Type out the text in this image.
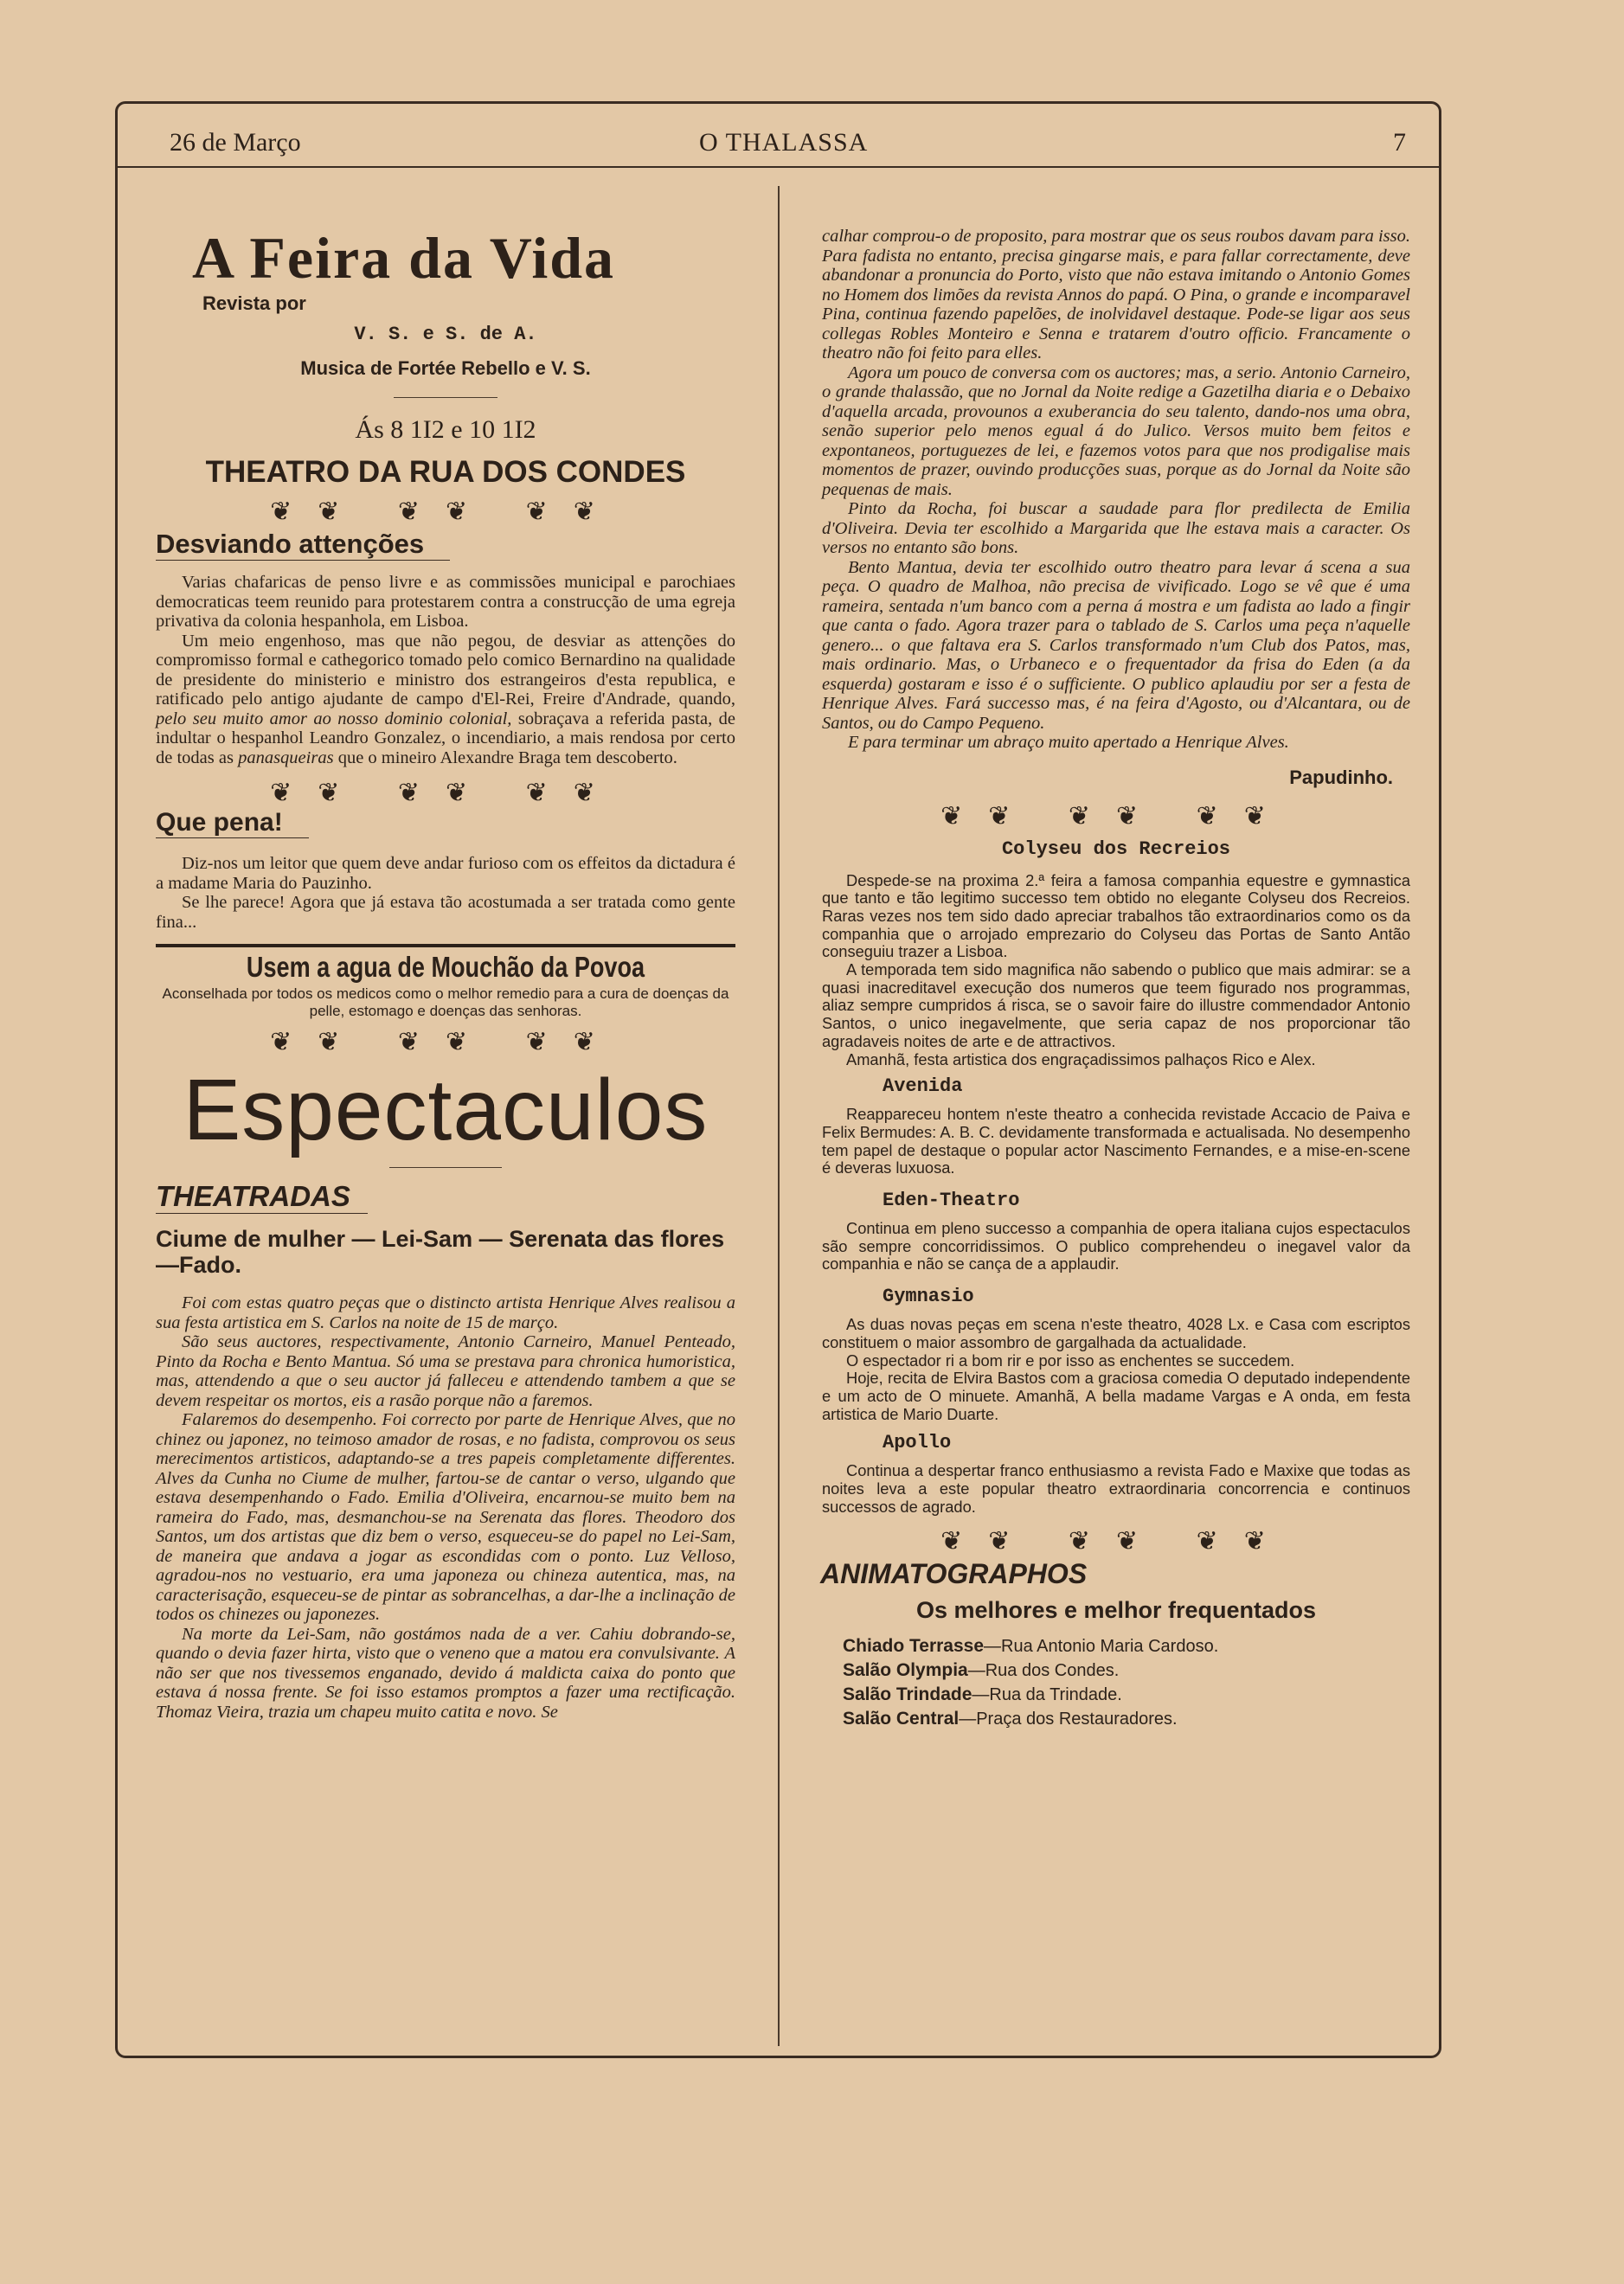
26 de Março	O THALASSA	7
A Feira da Vida
Revista por
V. S. e S. de A.
Musica de Fortée Rebello e V. S.
Ás 8 1I2 e 10 1I2
THEATRO DA RUA DOS CONDES
❦❦ ❦❦ ❦❦
Desviando attenções

Varias chafaricas de penso livre e as commissões municipal e parochiaes democraticas teem reunido para protestarem contra a construcção de uma egreja privativa da colonia hespanhola, em Lisboa.

Um meio engenhoso, mas que não pegou, de desviar as attenções do compromisso formal e cathegorico tomado pelo comico Bernardino na qualidade de presidente do ministerio e ministro dos estrangeiros d'esta republica, e ratificado pelo antigo ajudante de campo d'El-Rei, Freire d'Andrade, quando, pelo seu muito amor ao nosso dominio colonial, sobraçava a referida pasta, de indultar o hespanhol Leandro Gonzalez, o incendiario, a mais rendosa por certo de todas as panasqueiras que o mineiro Alexandre Braga tem descoberto.

❦❦ ❦❦ ❦❦
Que pena!

Diz-nos um leitor que quem deve andar furioso com os effeitos da dictadura é a madame Maria do Pauzinho.

Se lhe parece! Agora que já estava tão acostumada a ser tratada como gente fina...

Usem a agua de Mouchão da Povoa
Aconselhada por todos os medicos como o melhor remedio para a cura de doenças da pelle, estomago e doenças das senhoras.
❦❦ ❦❦ ❦❦
Espectaculos
THEATRADAS
Ciume de mulher — Lei-Sam — Serenata das flores —Fado.

Foi com estas quatro peças que o distincto artista Henrique Alves realisou a sua festa artistica em S. Carlos na noite de 15 de março.

São seus auctores, respectivamente, Antonio Carneiro, Manuel Penteado, Pinto da Rocha e Bento Mantua. Só uma se prestava para chronica humoristica, mas, attendendo a que o seu auctor já falleceu e attendendo tambem a que se devem respeitar os mortos, eis a rasão porque não a faremos.

Falaremos do desempenho. Foi correcto por parte de Henrique Alves, que no chinez ou japonez, no teimoso amador de rosas, e no fadista, comprovou os seus merecimentos artisticos, adaptando-se a tres papeis completamente differentes. Alves da Cunha no Ciume de mulher, fartou-se de cantar o verso, ulgando que estava desempenhando o Fado. Emilia d'Oliveira, encarnou-se muito bem na rameira do Fado, mas, desmanchou-se na Serenata das flores. Theodoro dos Santos, um dos artistas que diz bem o verso, esqueceu-se do papel no Lei-Sam, de maneira que andava a jogar as escondidas com o ponto. Luz Velloso, agradou-nos no vestuario, era uma japoneza ou chineza autentica, mas, na caracterisação, esqueceu-se de pintar as sobrancelhas, a dar-lhe a inclinação de todos os chinezes ou japonezes.

Na morte da Lei-Sam, não gostámos nada de a ver. Cahiu dobrando-se, quando o devia fazer hirta, visto que o veneno que a matou era convulsivante. A não ser que nos tivessemos enganado, devido á maldicta caixa do ponto que estava á nossa frente. Se foi isso estamos promptos a fazer uma rectificação. Thomaz Vieira, trazia um chapeu muito catita e novo. Se

calhar comprou-o de proposito, para mostrar que os seus roubos davam para isso. Para fadista no entanto, precisa gingarse mais, e para fallar correctamente, deve abandonar a pronuncia do Porto, visto que não estava imitando o Antonio Gomes no Homem dos limões da revista Annos do papá. O Pina, o grande e incomparavel Pina, continua fazendo papelões, de inolvidavel destaque. Pode-se ligar aos seus collegas Robles Monteiro e Senna e tratarem d'outro officio. Francamente o theatro não foi feito para elles.

Agora um pouco de conversa com os auctores; mas, a serio. Antonio Carneiro, o grande thalassão, que no Jornal da Noite redige a Gazetilha diaria e o Debaixo d'aquella arcada, provounos a exuberancia do seu talento, dando-nos uma obra, senão superior pelo menos egual á do Julico. Versos muito bem feitos e expontaneos, portuguezes de lei, e fazemos votos para que nos prodigalise mais momentos de prazer, ouvindo producções suas, porque as do Jornal da Noite são pequenas de mais.

Pinto da Rocha, foi buscar a saudade para flor predilecta de Emilia d'Oliveira. Devia ter escolhido a Margarida que lhe estava mais a caracter. Os versos no entanto são bons.

Bento Mantua, devia ter escolhido outro theatro para levar á scena a sua peça. O quadro de Malhoa, não precisa de vivificado. Logo se vê que é uma rameira, sentada n'um banco com a perna á mostra e um fadista ao lado a fingir que canta o fado. Agora trazer para o tablado de S. Carlos uma peça n'aquelle genero... o que faltava era S. Carlos transformado n'um Club dos Patos, mas, mais ordinario. Mas, o Urbaneco e o frequentador da frisa do Eden (a da esquerda) gostaram e isso é o sufficiente. O publico aplaudiu por ser a festa de Henrique Alves. Fará successo mas, é na feira d'Agosto, ou d'Alcantara, ou de Santos, ou do Campo Pequeno.

E para terminar um abraço muito apertado a Henrique Alves.

Papudinho.
❦❦ ❦❦ ❦❦
Colyseu dos Recreios

Despede-se na proxima 2.ª feira a famosa companhia equestre e gymnastica que tanto e tão legitimo successo tem obtido no elegante Colyseu dos Recreios. Raras vezes nos tem sido dado apreciar trabalhos tão extraordinarios como os da companhia que o arrojado emprezario do Colyseu das Portas de Santo Antão conseguiu trazer a Lisboa.

A temporada tem sido magnifica não sabendo o publico que mais admirar: se a quasi inacreditavel execução dos numeros que teem figurado nos programmas, aliaz sempre cumpridos á risca, se o savoir faire do illustre commendador Antonio Santos, o unico inegavelmente, que seria capaz de nos proporcionar tão agradaveis noites de arte e de attractivos.

Amanhã, festa artistica dos engraçadissimos palhaços Rico e Alex.

Avenida

Reappareceu hontem n'este theatro a conhecida revistade Accacio de Paiva e Felix Bermudes: A. B. C. devidamente transformada e actualisada. No desempenho tem papel de destaque o popular actor Nascimento Fernandes, e a mise-en-scene é deveras luxuosa.

Eden-Theatro

Continua em pleno successo a companhia de opera italiana cujos espectaculos são sempre concorridissimos. O publico comprehendeu o inegavel valor da companhia e não se cança de a applaudir.

Gymnasio

As duas novas peças em scena n'este theatro, 4028 Lx. e Casa com escriptos constituem o maior assombro de gargalhada da actualidade.

O espectador ri a bom rir e por isso as enchentes se succedem.

Hoje, recita de Elvira Bastos com a graciosa comedia O deputado independente e um acto de O minuete. Amanhã, A bella madame Vargas e A onda, em festa artistica de Mario Duarte.

Apollo

Continua a despertar franco enthusiasmo a revista Fado e Maxixe que todas as noites leva a este popular theatro extraordinaria concorrencia e continuos successos de agrado.

❦❦ ❦❦ ❦❦
ANIMATOGRAPHOS
Os melhores e melhor frequentados
Chiado Terrasse—Rua Antonio Maria Cardoso.
Salão Olympia—Rua dos Condes.
Salão Trindade—Rua da Trindade.
Salão Central—Praça dos Restauradores.
